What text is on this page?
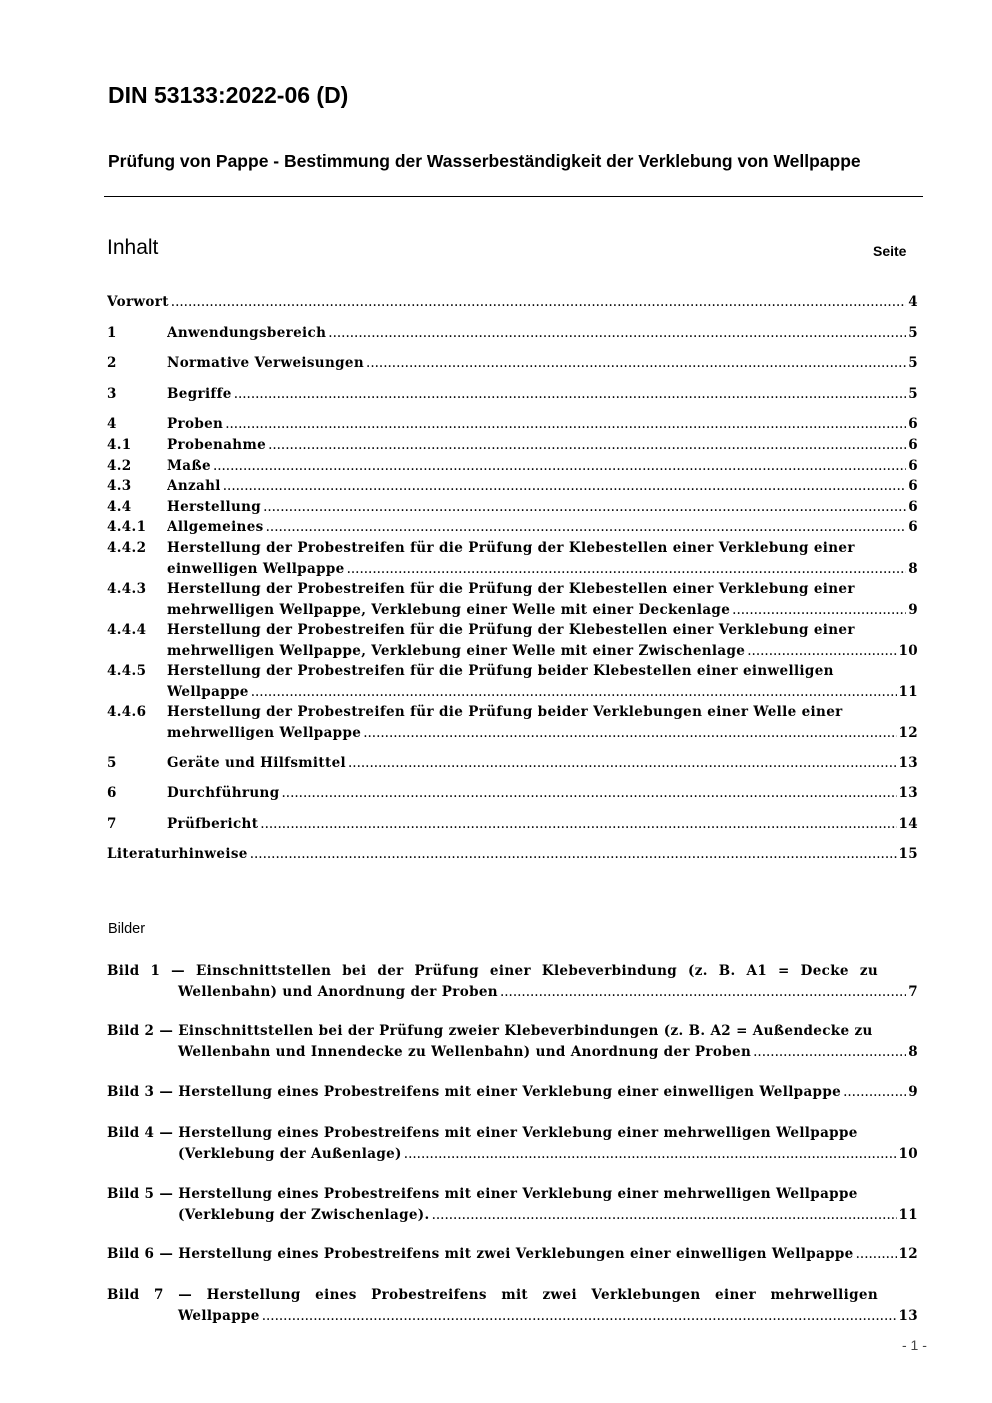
DIN 53133:2022-06 (D)
Prüfung von Pappe - Bestimmung der Wasserbeständigkeit der Verklebung von Wellpappe
Inhalt	Seite
Vorwort .....	4
1	Anwendungsbereich .....	5
2	Normative Verweisungen .....	5
3	Begriffe .....	5
4	Proben .....	6
4.1	Probenahme .....	6
4.2	Maße .....	6
4.3	Anzahl .....	6
4.4	Herstellung .....	6
4.4.1 Allgemeines .....	6
4.4.2 Herstellung der Probestreifen für die Prüfung der Klebestellen einer Verklebung einer
einwelligen Wellpappe .....	8
4.4.3 Herstellung der Probestreifen für die Prüfung der Klebestellen einer Verklebung einer
mehrwelligen Wellpappe, Verklebung einer Welle mit einer Deckenlage .....	9
4.4.4 Herstellung der Probestreifen für die Prüfung der Klebestellen einer Verklebung einer
mehrwelligen Wellpappe, Verklebung einer Welle mit einer Zwischenlage .....	10
4.4.5 Herstellung der Probestreifen für die Prüfung beider Klebestellen einer einwelligen
Wellpappe .....	11
4.4.6 Herstellung der Probestreifen für die Prüfung beider Verklebungen einer Welle einer
mehrwelligen Wellpappe .....	12
5	Geräte und Hilfsmittel .....	13
6	Durchführung .....	13
7	Prüfbericht .....	14
Literaturhinweise .....	15
Bilder
Bild 1 — Einschnittstellen bei der Prüfung einer Klebeverbindung (z. B. A1 = Decke zu
Wellenbahn) und Anordnung der Proben .....	7
Bild 2 — Einschnittstellen bei der Prüfung zweier Klebeverbindungen (z. B. A2 = Außendecke zu
Wellenbahn und Innendecke zu Wellenbahn) und Anordnung der Proben .....	8
Bild 3 — Herstellung eines Probestreifens mit einer Verklebung einer einwelligen Wellpappe .....	9
Bild 4 — Herstellung eines Probestreifens mit einer Verklebung einer mehrwelligen Wellpappe
(Verklebung der Außenlage) .....	10
Bild 5 — Herstellung eines Probestreifens mit einer Verklebung einer mehrwelligen Wellpappe
(Verklebung der Zwischenlage). .....	11
Bild 6 — Herstellung eines Probestreifens mit zwei Verklebungen einer einwelligen Wellpappe .....	12
Bild 7 — Herstellung eines Probestreifens mit zwei Verklebungen einer mehrwelligen
Wellpappe .....	13
- 1 -
